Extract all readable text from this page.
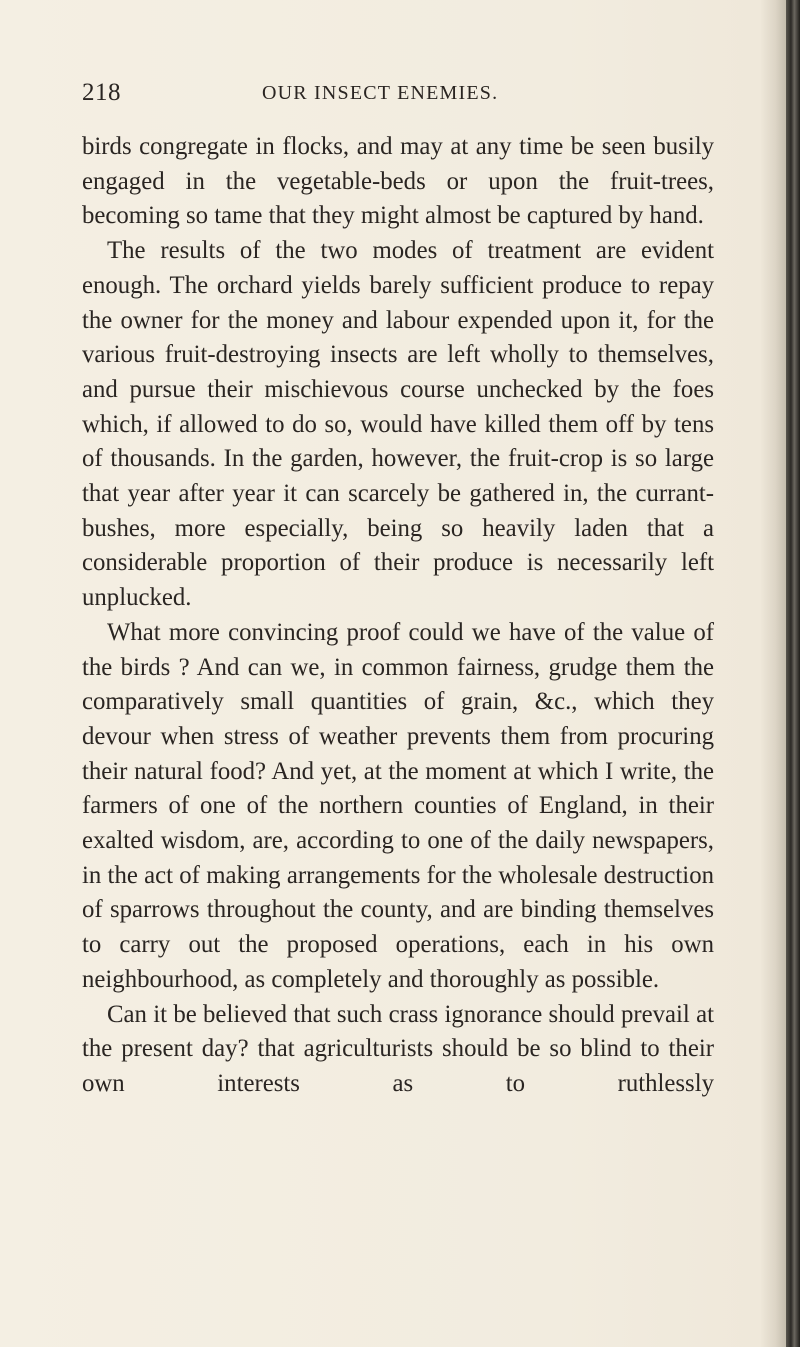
218	OUR INSECT ENEMIES.

birds congregate in flocks, and may at any time be seen busily engaged in the vegetable-beds or upon the fruit-trees, becoming so tame that they might almost be captured by hand.

The results of the two modes of treatment are evident enough. The orchard yields barely sufficient produce to repay the owner for the money and labour expended upon it, for the various fruit-destroying insects are left wholly to themselves, and pursue their mischievous course unchecked by the foes which, if allowed to do so, would have killed them off by tens of thousands. In the garden, however, the fruit-crop is so large that year after year it can scarcely be gathered in, the currant-bushes, more especially, being so heavily laden that a considerable proportion of their produce is necessarily left unplucked.

What more convincing proof could we have of the value of the birds ? And can we, in common fairness, grudge them the comparatively small quantities of grain, &c., which they devour when stress of weather prevents them from procuring their natural food? And yet, at the moment at which I write, the farmers of one of the northern counties of England, in their exalted wisdom, are, according to one of the daily newspapers, in the act of making arrangements for the wholesale destruction of sparrows throughout the county, and are binding themselves to carry out the proposed operations, each in his own neighbourhood, as completely and thoroughly as possible.

Can it be believed that such crass ignorance should prevail at the present day? that agriculturists should be so blind to their own interests as to ruthlessly
